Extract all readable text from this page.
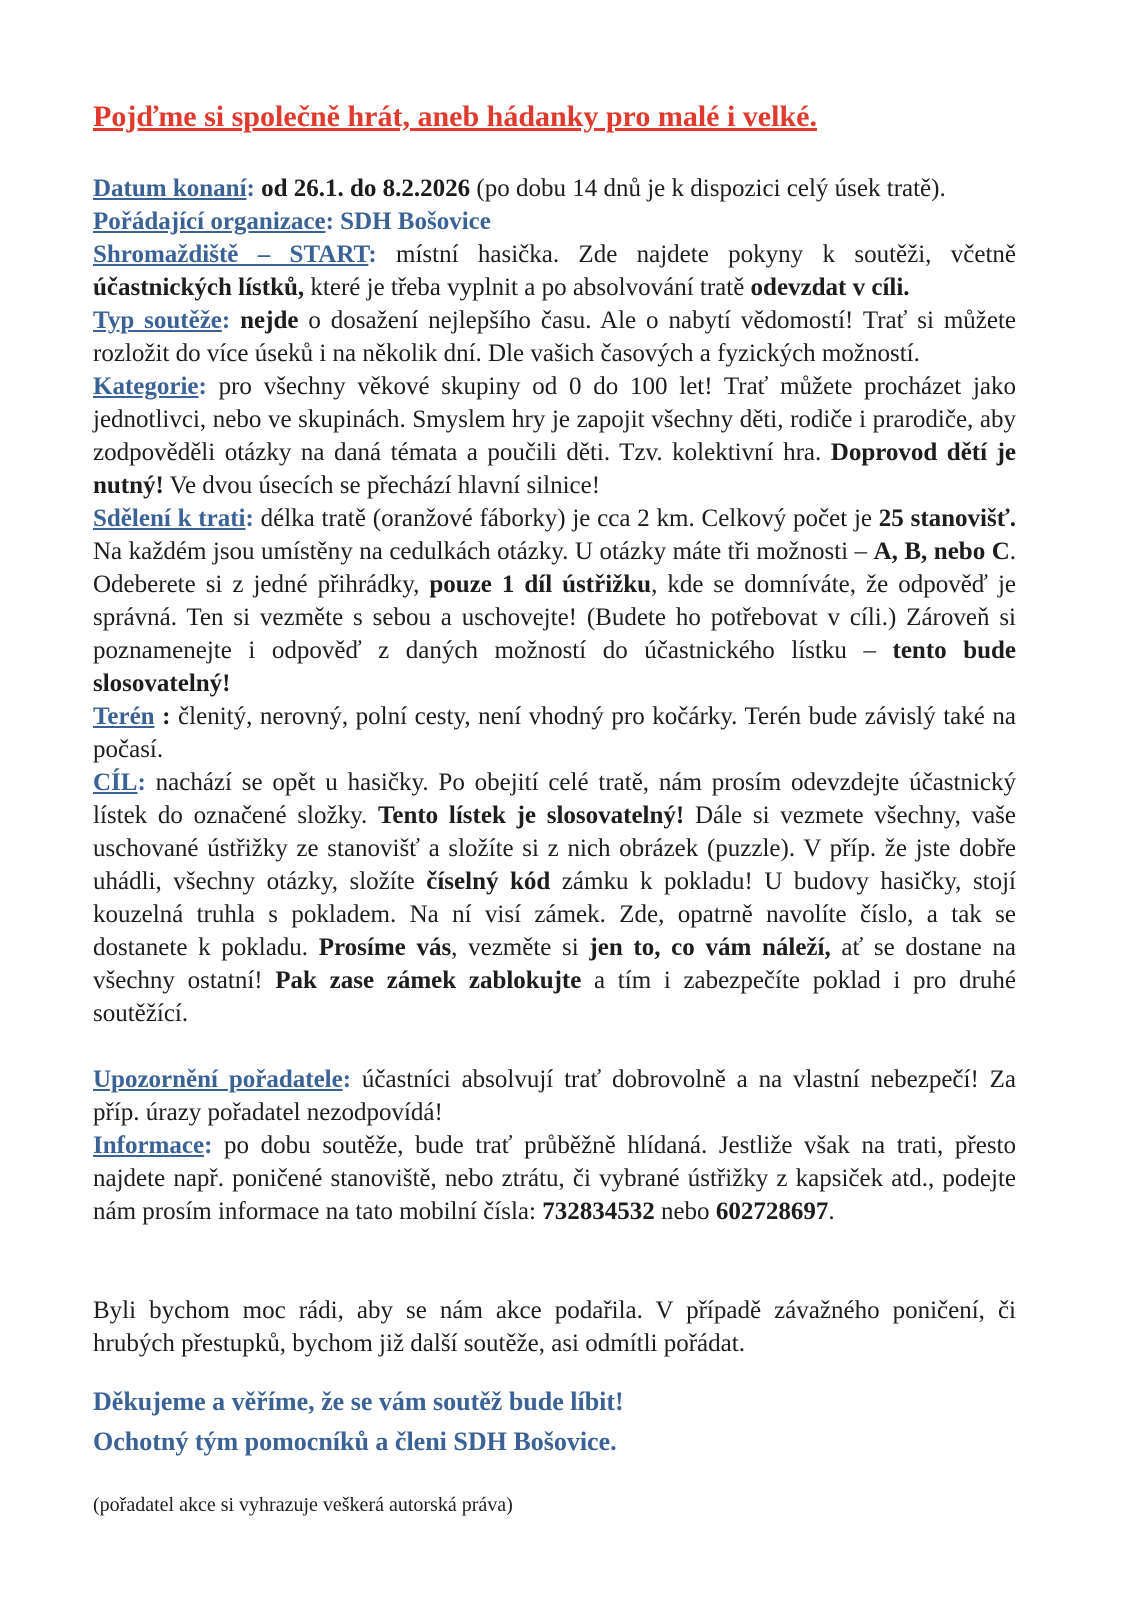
Pojďme si společně hrát, aneb hádanky pro malé i velké.

Datum konaní: od 26.1. do 8.2.2026 (po dobu 14 dnů je k dispozici celý úsek tratě).

Pořádající organizace: SDH Bošovice

Shromaždiště – START: místní hasička. Zde najdete pokyny k soutěži, včetně účastnických lístků, které je třeba vyplnit a po absolvování tratě odevzdat v cíli.

Typ soutěže: nejde o dosažení nejlepšího času. Ale o nabytí vědomostí! Trať si můžete rozložit do více úseků i na několik dní. Dle vašich časových a fyzických možností.

Kategorie: pro všechny věkové skupiny od 0 do 100 let! Trať můžete procházet jako jednotlivci, nebo ve skupinách. Smyslem hry je zapojit všechny děti, rodiče i prarodiče, aby zodpověděli otázky na daná témata a poučili děti. Tzv. kolektivní hra. Doprovod dětí je nutný! Ve dvou úsecích se přechází hlavní silnice!

Sdělení k trati: délka tratě (oranžové fáborky) je cca 2 km. Celkový počet je 25 stanovišť. Na každém jsou umístěny na cedulkách otázky. U otázky máte tři možnosti – A, B, nebo C. Odeberete si z jedné přihrádky, pouze 1 díl ústřižku, kde se domníváte, že odpověď je správná. Ten si vezměte s sebou a uschovejte! (Budete ho potřebovat v cíli.) Zároveň si poznamenejte i odpověď z daných možností do účastnického lístku – tento bude slosovatelný!

Terén : členitý, nerovný, polní cesty, není vhodný pro kočárky. Terén bude závislý také na počasí.

CÍL: nachází se opět u hasičky. Po obejití celé tratě, nám prosím odevzdejte účastnický lístek do označené složky. Tento lístek je slosovatelný! Dále si vezmete všechny, vaše uschované ústřižky ze stanovišť a složíte si z nich obrázek (puzzle). V příp. že jste dobře uhádli, všechny otázky, složíte číselný kód zámku k pokladu! U budovy hasičky, stojí kouzelná truhla s pokladem. Na ní visí zámek. Zde, opatrně navolíte číslo, a tak se dostanete k pokladu. Prosíme vás, vezměte si jen to, co vám náleží, ať se dostane na všechny ostatní! Pak zase zámek zablokujte a tím i zabezpečíte poklad i pro druhé soutěžící.

Upozornění pořadatele: účastníci absolvují trať dobrovolně a na vlastní nebezpečí! Za příp. úrazy pořadatel nezodpovídá!

Informace: po dobu soutěže, bude trať průběžně hlídaná. Jestliže však na trati, přesto najdete např. poničené stanoviště, nebo ztrátu, či vybrané ústřižky z kapsiček atd., podejte nám prosím informace na tato mobilní čísla: 732834532 nebo 602728697.

Byli bychom moc rádi, aby se nám akce podařila. V případě závažného poničení, či hrubých přestupků, bychom již další soutěže, asi odmítli pořádat.

Děkujeme a věříme, že se vám soutěž bude líbit!
Ochotný tým pomocníků a členi SDH Bošovice.
(pořadatel akce si vyhrazuje veškerá autorská práva)
